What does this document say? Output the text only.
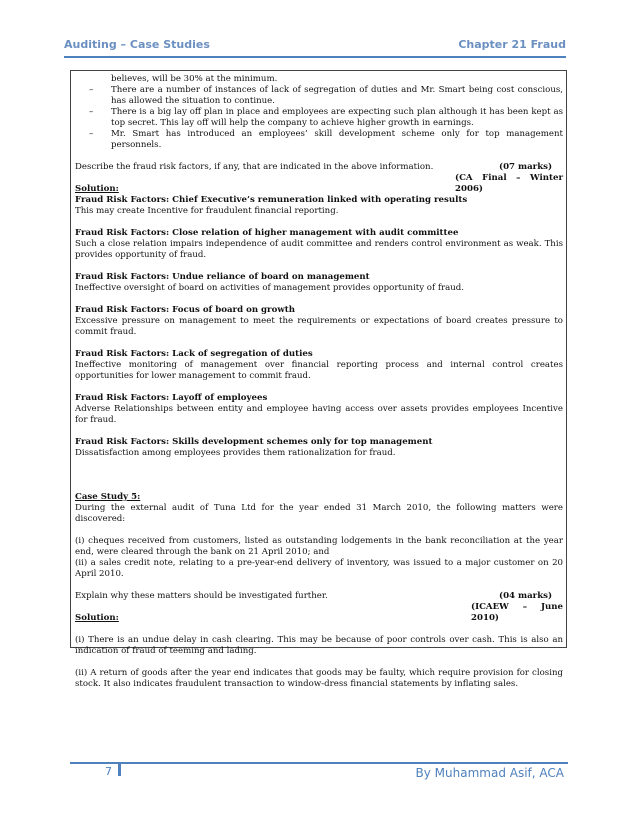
Auditing – Case Studies	Chapter 21 Fraud

believes, will be 30% at the minimum.

– There are a number of instances of lack of segregation of duties and Mr. Smart being cost conscious, has allowed the situation to continue.
– There is a big lay off plan in place and employees are expecting such plan although it has been kept as top secret. This lay off will help the company to achieve higher growth in earnings.
– Mr. Smart has introduced an employees’ skill development scheme only for top management personnels.
Describe the fraud risk factors, if any, that are indicated in the above information.	(07 marks)
(CA Final – Winter 2006)

Solution:

Fraud Risk Factors: Chief Executive’s remuneration linked with operating results

This may create Incentive for fraudulent financial reporting.

Fraud Risk Factors: Close relation of higher management with audit committee

Such a close relation impairs independence of audit committee and renders control environment as weak. This provides opportunity of fraud.

Fraud Risk Factors: Undue reliance of board on management

Ineffective oversight of board on activities of management provides opportunity of fraud.

Fraud Risk Factors: Focus of board on growth

Excessive pressure on management to meet the requirements or expectations of board creates pressure to commit fraud.

Fraud Risk Factors: Lack of segregation of duties

Ineffective monitoring of management over financial reporting process and internal control creates opportunities for lower management to commit fraud.

Fraud Risk Factors: Layoff of employees

Adverse Relationships between entity and employee having access over assets provides employees Incentive for fraud.

Fraud Risk Factors: Skills development schemes only for top management

Dissatisfaction among employees provides them rationalization for fraud.

Case Study 5:

During the external audit of Tuna Ltd for the year ended 31 March 2010, the following matters were discovered:

(i) cheques received from customers, listed as outstanding lodgements in the bank reconciliation at the year end, were cleared through the bank on 21 April 2010; and

(ii) a sales credit note, relating to a pre-year-end delivery of inventory, was issued to a major customer on 20 April 2010.

Explain why these matters should be investigated further.	(04 marks)
(ICAEW – June 2010)

Solution:

(i) There is an undue delay in cash clearing. This may be because of poor controls over cash. This is also an indication of fraud of teeming and lading.

(ii) A return of goods after the year end indicates that goods may be faulty, which require provision for closing stock. It also indicates fraudulent transaction to window-dress financial statements by inflating sales.

7	By Muhammad Asif, ACA
